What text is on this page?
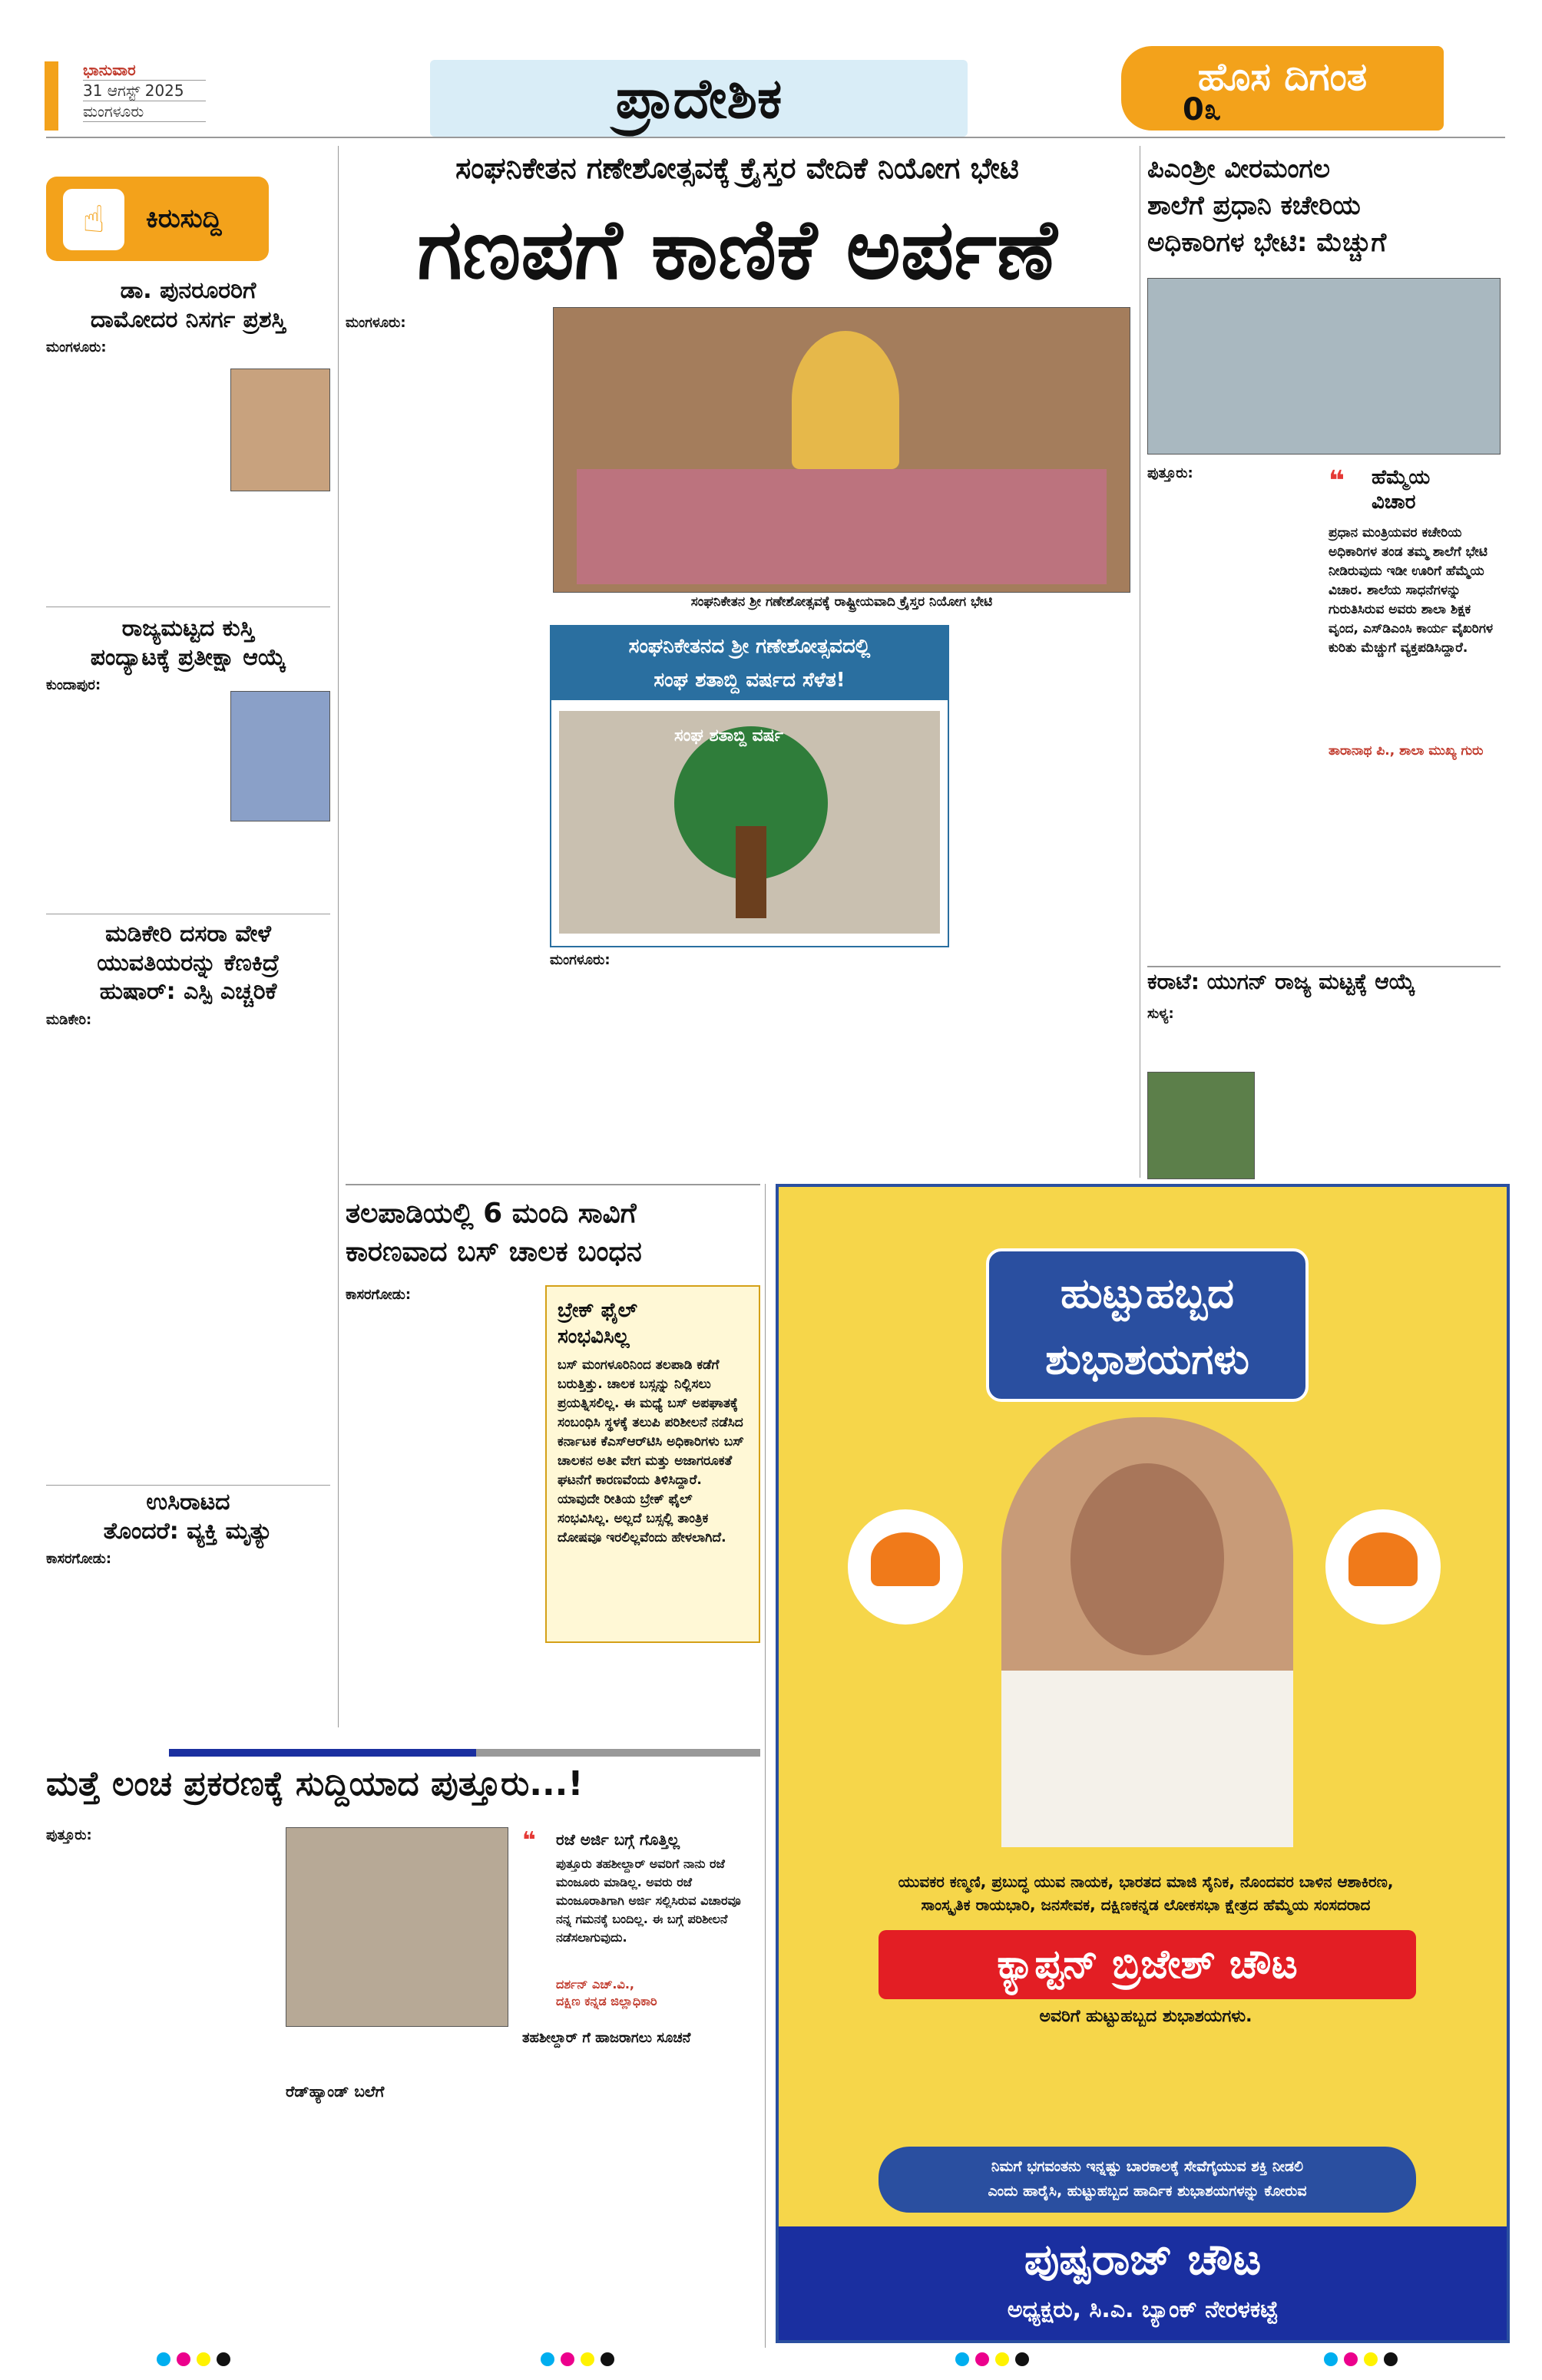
ಭಾನುವಾರ
31 ಆಗಸ್ಟ್ 2025
ಮಂಗಳೂರು	ಪ್ರಾದೇಶಿಕ	ಹೊಸ ದಿಗಂತ
0೩
☝	ಕಿರುಸುದ್ದಿ
ಡಾ. ಪುನರೂರರಿಗೆ
ದಾಮೋದರ ನಿಸರ್ಗ ಪ್ರಶಸ್ತಿ
ಮಂಗಳೂರು:
ರಾಜ್ಯಮಟ್ಟದ ಕುಸ್ತಿ
ಪಂದ್ಯಾಟಕ್ಕೆ ಪ್ರತೀಕ್ಷಾ ಆಯ್ಕೆ
ಕುಂದಾಪುರ:
ಮಡಿಕೇರಿ ದಸರಾ ವೇಳೆ
ಯುವತಿಯರನ್ನು ಕೆಣಕಿದ್ರೆ
ಹುಷಾರ್: ಎಸ್ಪಿ ಎಚ್ಚರಿಕೆ
ಮಡಿಕೇರಿ:
ಉಸಿರಾಟದ
ತೊಂದರೆ: ವ್ಯಕ್ತಿ ಮೃತ್ಯು
ಕಾಸರಗೋಡು:
ಸಂಘನಿಕೇತನ ಗಣೇಶೋತ್ಸವಕ್ಕೆ ಕ್ರೈಸ್ತರ ವೇದಿಕೆ ನಿಯೋಗ ಭೇಟಿ
ಗಣಪಗೆ ಕಾಣಿಕೆ ಅರ್ಪಣೆ
ಮಂಗಳೂರು:
ಸಂಘನಿಕೇತನ ಶ್ರೀ ಗಣೇಶೋತ್ಸವಕ್ಕೆ ರಾಷ್ಟ್ರೀಯವಾದಿ ಕ್ರೈಸ್ತರ ನಿಯೋಗ ಭೇಟಿ
ಸಂಘನಿಕೇತನದ ಶ್ರೀ ಗಣೇಶೋತ್ಸವದಲ್ಲಿ
ಸಂಘ ಶತಾಬ್ದಿ ವರ್ಷದ ಸೆಳೆತ!
ಸಂಘ ಶತಾಬ್ದಿ ವರ್ಷ
ಮಂಗಳೂರು:
ಪಿಎಂಶ್ರೀ ವೀರಮಂಗಲ
ಶಾಲೆಗೆ ಪ್ರಧಾನಿ ಕಚೇರಿಯ
ಅಧಿಕಾರಿಗಳ ಭೇಟಿ: ಮೆಚ್ಚುಗೆ
ಪುತ್ತೂರು:	❝ ಹೆಮ್ಮೆಯ
ವಿಚಾರ
ಪ್ರಧಾನ ಮಂತ್ರಿಯವರ ಕಚೇರಿಯ ಅಧಿಕಾರಿಗಳ ತಂಡ ತಮ್ಮ ಶಾಲೆಗೆ ಭೇಟಿ ನೀಡಿರುವುದು ಇಡೀ ಊರಿಗೆ ಹೆಮ್ಮೆಯ ವಿಚಾರ. ಶಾಲೆಯ ಸಾಧನೆಗಳನ್ನು ಗುರುತಿಸಿರುವ ಅವರು ಶಾಲಾ ಶಿಕ್ಷಕ ವೃಂದ, ಎಸ್‌ಡಿಎಂಸಿ ಕಾರ್ಯ ವೈಖರಿಗಳ ಕುರಿತು ಮೆಚ್ಚುಗೆ ವ್ಯಕ್ತಪಡಿಸಿದ್ದಾರೆ.
ತಾರಾನಾಥ ಪಿ., ಶಾಲಾ ಮುಖ್ಯ ಗುರು
ಕರಾಟೆ: ಯುಗನ್ ರಾಜ್ಯ ಮಟ್ಟಕ್ಕೆ ಆಯ್ಕೆ
ಸುಳ್ಯ:
ತಲಪಾಡಿಯಲ್ಲಿ 6 ಮಂದಿ ಸಾವಿಗೆ
ಕಾರಣವಾದ ಬಸ್ ಚಾಲಕ ಬಂಧನ
ಕಾಸರಗೋಡು:
ಬ್ರೇಕ್ ಫೈಲ್
ಸಂಭವಿಸಿಲ್ಲ
ಬಸ್ ಮಂಗಳೂರಿನಿಂದ ತಲಪಾಡಿ ಕಡೆಗೆ ಬರುತ್ತಿತ್ತು. ಚಾಲಕ ಬಸ್ಸನ್ನು ನಿಲ್ಲಿಸಲು ಪ್ರಯತ್ನಿಸಲಿಲ್ಲ. ಈ ಮಧ್ಯೆ ಬಸ್ ಅಪಘಾತಕ್ಕೆ ಸಂಬಂಧಿಸಿ ಸ್ಥಳಕ್ಕೆ ತಲುಪಿ ಪರಿಶೀಲನೆ ನಡೆಸಿದ ಕರ್ನಾಟಕ ಕೆಎಸ್‌ಆರ್‌ಟಿಸಿ ಅಧಿಕಾರಿಗಳು ಬಸ್ ಚಾಲಕನ ಅತೀ ವೇಗ ಮತ್ತು ಅಜಾಗರೂಕತೆ ಘಟನೆಗೆ ಕಾರಣವೆಂದು ತಿಳಿಸಿದ್ದಾರೆ. ಯಾವುದೇ ರೀತಿಯ ಬ್ರೇಕ್ ಫೈಲ್ ಸಂಭವಿಸಿಲ್ಲ. ಅಲ್ಲದೆ ಬಸ್ಸಲ್ಲಿ ತಾಂತ್ರಿಕ ದೋಷವೂ ಇರಲಿಲ್ಲವೆಂದು ಹೇಳಲಾಗಿದೆ.
ಮತ್ತೆ ಲಂಚ ಪ್ರಕರಣಕ್ಕೆ ಸುದ್ದಿಯಾದ ಪುತ್ತೂರು...!
ಪುತ್ತೂರು:	❝ ರಜೆ ಅರ್ಜಿ ಬಗ್ಗೆ ಗೊತ್ತಿಲ್ಲ
ಪುತ್ತೂರು ತಹಶೀಲ್ದಾರ್ ಅವರಿಗೆ ನಾನು ರಜೆ ಮಂಜೂರು ಮಾಡಿಲ್ಲ. ಅವರು ರಜೆ ಮಂಜೂರಾತಿಗಾಗಿ ಅರ್ಜಿ ಸಲ್ಲಿಸಿರುವ ವಿಚಾರವೂ ನನ್ನ ಗಮನಕ್ಕೆ ಬಂದಿಲ್ಲ. ಈ ಬಗ್ಗೆ ಪರಿಶೀಲನೆ ನಡೆಸಲಾಗುವುದು.
ದರ್ಶನ್ ಎಚ್.ವಿ.,
ದಕ್ಷಿಣ ಕನ್ನಡ ಜಿಲ್ಲಾಧಿಕಾರಿ
ರೆಡ್‌ಹ್ಯಾಂಡ್ ಬಲೆಗೆ
ತಹಶೀಲ್ದಾರ್ ಗೆ ಹಾಜರಾಗಲು ಸೂಚನೆ
ಹುಟ್ಟುಹಬ್ಬದ
ಶುಭಾಶಯಗಳು
ಯುವಕರ ಕಣ್ಮಣಿ, ಪ್ರಬುದ್ಧ ಯುವ ನಾಯಕ, ಭಾರತದ ಮಾಜಿ ಸೈನಿಕ, ನೊಂದವರ ಬಾಳಿನ ಆಶಾಕಿರಣ,
ಸಾಂಸ್ಕೃತಿಕ ರಾಯಭಾರಿ, ಜನಸೇವಕ, ದಕ್ಷಿಣಕನ್ನಡ ಲೋಕಸಭಾ ಕ್ಷೇತ್ರದ ಹೆಮ್ಮೆಯ ಸಂಸದರಾದ
ಕ್ಯಾಪ್ಟನ್ ಬ್ರಿಜೇಶ್ ಚೌಟ
ಅವರಿಗೆ ಹುಟ್ಟುಹಬ್ಬದ ಶುಭಾಶಯಗಳು.
ನಿಮಗೆ ಭಗವಂತನು ಇನ್ನಷ್ಟು ಬಾರಕಾಲಕ್ಕೆ ಸೇವೆಗೈಯುವ ಶಕ್ತಿ ನೀಡಲಿ
ಎಂದು ಹಾರೈಸಿ, ಹುಟ್ಟುಹಬ್ಬದ ಹಾರ್ದಿಕ ಶುಭಾಶಯಗಳನ್ನು ಕೋರುವ
ಪುಷ್ಪರಾಜ್ ಚೌಟ
ಅಧ್ಯಕ್ಷರು, ಸಿ.ಎ. ಬ್ಯಾಂಕ್ ನೇರಳಕಟ್ಟೆ
